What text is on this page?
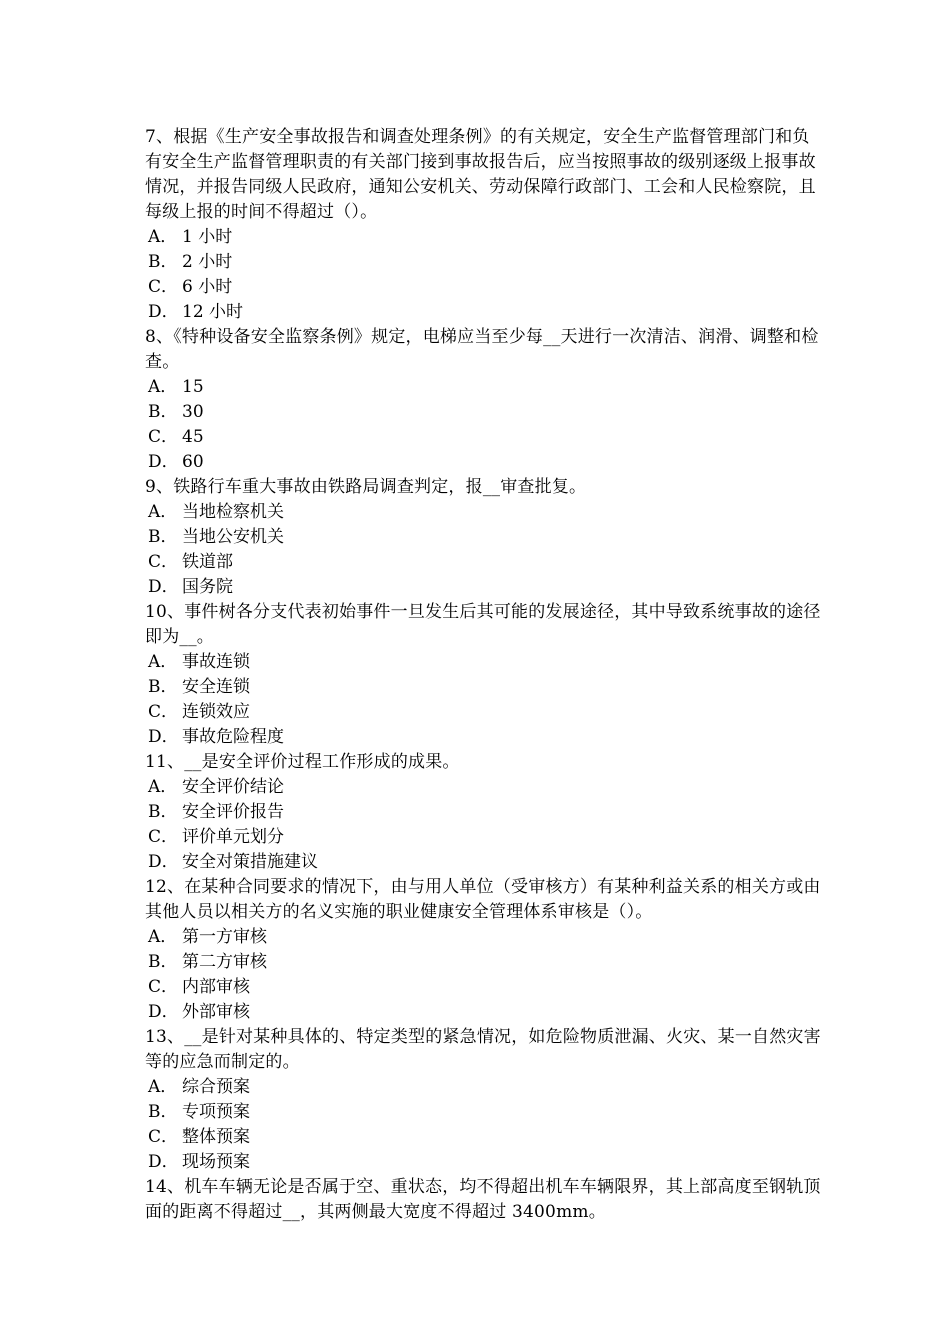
7、根据《生产安全事故报告和调查处理条例》的有关规定，安全生产监督管理部门和负有安全生产监督管理职责的有关部门接到事故报告后，应当按照事故的级别逐级上报事故情况，并报告同级人民政府，通知公安机关、劳动保障行政部门、工会和人民检察院，且每级上报的时间不得超过（）。

A． 1 小时
B． 2 小时
C． 6 小时
D． 12 小时

8、《特种设备安全监察条例》规定，电梯应当至少每__天进行一次清洁、润滑、调整和检查。

A． 15
B． 30
C． 45
D． 60

9、铁路行车重大事故由铁路局调查判定，报__审查批复。

A． 当地检察机关
B． 当地公安机关
C． 铁道部
D． 国务院

10、事件树各分支代表初始事件一旦发生后其可能的发展途径，其中导致系统事故的途径即为__。

A． 事故连锁
B． 安全连锁
C． 连锁效应
D． 事故危险程度

11、__是安全评价过程工作形成的成果。

A． 安全评价结论
B． 安全评价报告
C． 评价单元划分
D． 安全对策措施建议

12、在某种合同要求的情况下，由与用人单位（受审核方）有某种利益关系的相关方或由其他人员以相关方的名义实施的职业健康安全管理体系审核是（）。

A． 第一方审核
B． 第二方审核
C． 内部审核
D． 外部审核

13、__是针对某种具体的、特定类型的紧急情况，如危险物质泄漏、火灾、某一自然灾害等的应急而制定的。

A． 综合预案
B． 专项预案
C． 整体预案
D． 现场预案

14、机车车辆无论是否属于空、重状态，均不得超出机车车辆限界，其上部高度至钢轨顶面的距离不得超过__，其两侧最大宽度不得超过 3400mm。
